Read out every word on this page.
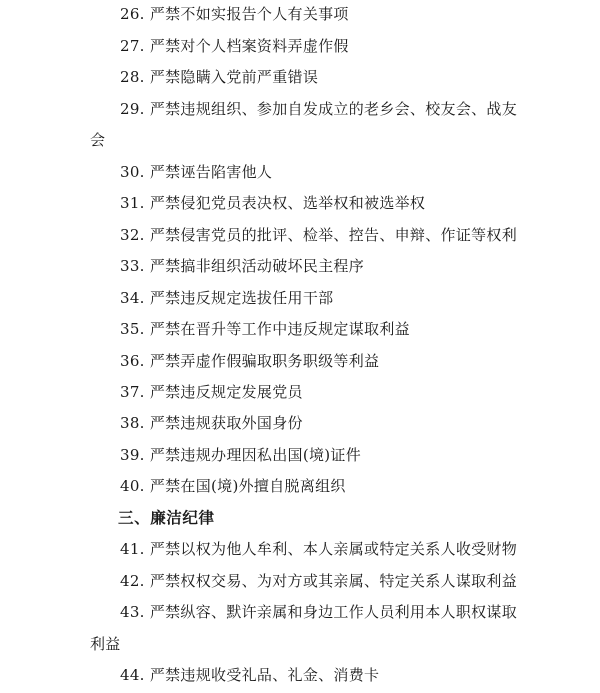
26. 严禁不如实报告个人有关事项
27. 严禁对个人档案资料弄虚作假
28. 严禁隐瞒入党前严重错误
29. 严禁违规组织、参加自发成立的老乡会、校友会、战友
会
30. 严禁诬告陷害他人
31. 严禁侵犯党员表决权、选举权和被选举权
32. 严禁侵害党员的批评、检举、控告、申辩、作证等权利
33. 严禁搞非组织活动破坏民主程序
34. 严禁违反规定选拔任用干部
35. 严禁在晋升等工作中违反规定谋取利益
36. 严禁弄虚作假骗取职务职级等利益
37. 严禁违反规定发展党员
38. 严禁违规获取外国身份
39. 严禁违规办理因私出国(境)证件
40. 严禁在国(境)外擅自脱离组织
三、廉洁纪律
41. 严禁以权为他人牟利、本人亲属或特定关系人收受财物
42. 严禁权权交易、为对方或其亲属、特定关系人谋取利益
43. 严禁纵容、默许亲属和身边工作人员利用本人职权谋取
利益
44. 严禁违规收受礼品、礼金、消费卡
